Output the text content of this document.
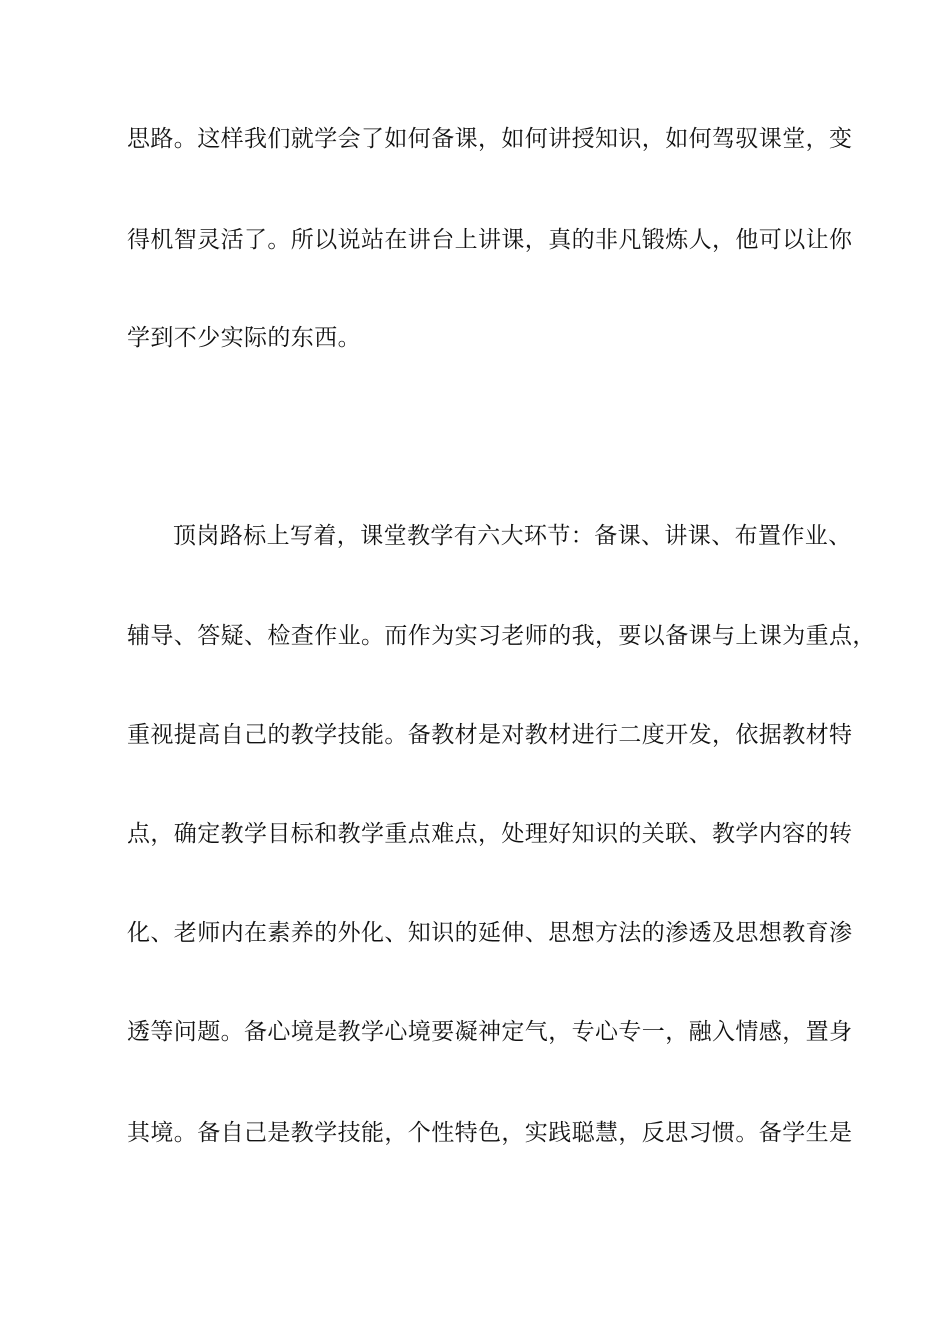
思路。这样我们就学会了如何备课，如何讲授知识，如何驾驭课堂，变
得机智灵活了。所以说站在讲台上讲课，真的非凡锻炼人，他可以让你
学到不少实际的东西。
顶岗路标上写着，课堂教学有六大环节：备课、讲课、布置作业、
辅导、答疑、检查作业。而作为实习老师的我，要以备课与上课为重点，
重视提高自己的教学技能。备教材是对教材进行二度开发，依据教材特
点，确定教学目标和教学重点难点，处理好知识的关联、教学内容的转
化、老师内在素养的外化、知识的延伸、思想方法的渗透及思想教育渗
透等问题。备心境是教学心境要凝神定气，专心专一，融入情感，置身
其境。备自己是教学技能，个性特色，实践聪慧，反思习惯。备学生是
